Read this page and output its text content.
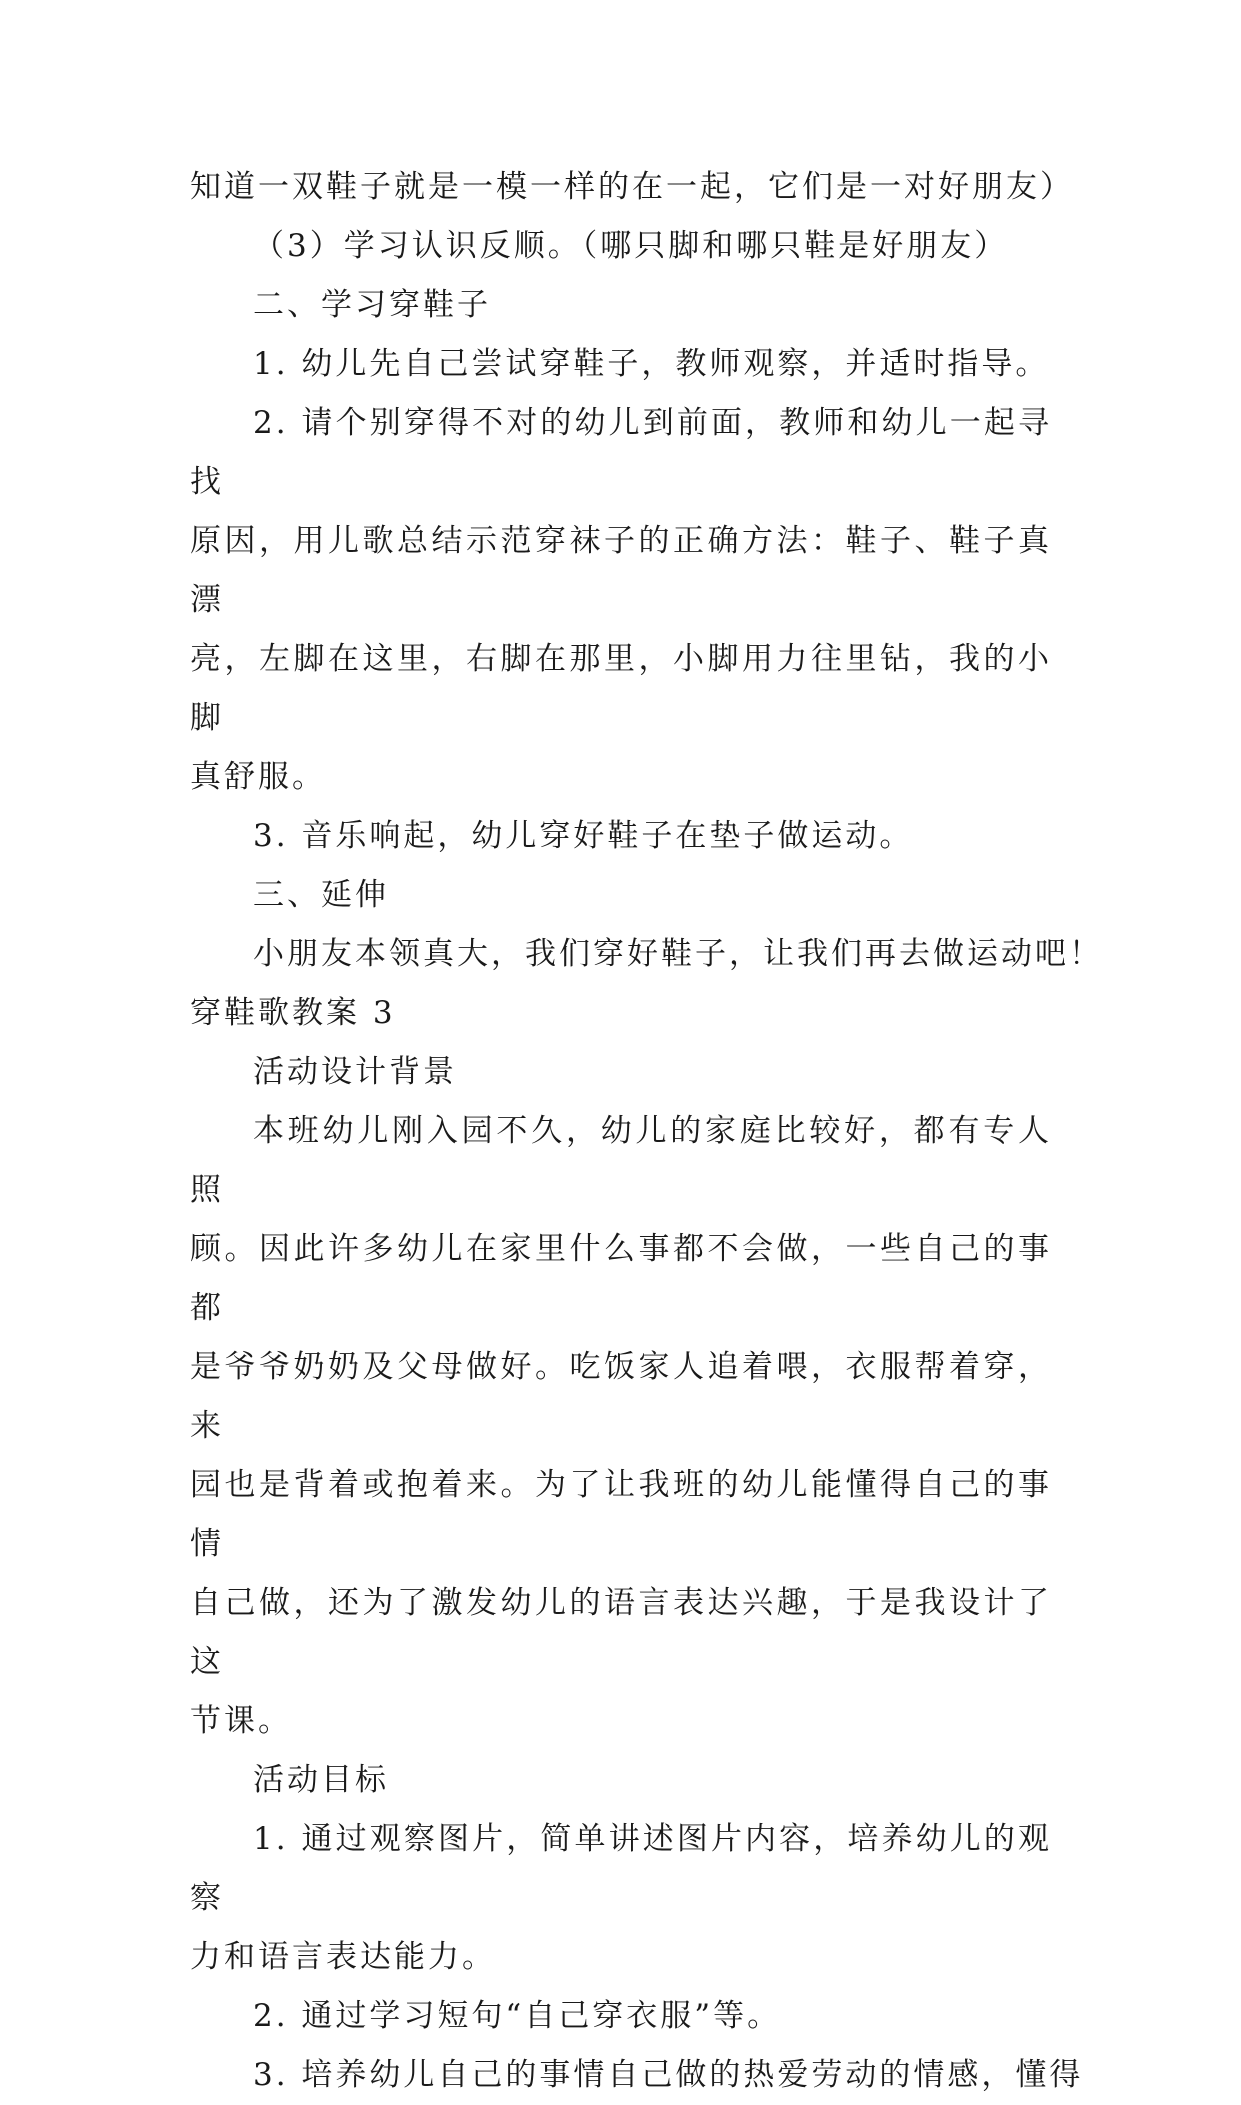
知道一双鞋子就是一模一样的在一起，它们是一对好朋友）

（3）学习认识反顺。（哪只脚和哪只鞋是好朋友）

二、学习穿鞋子

1. 幼儿先自己尝试穿鞋子，教师观察，并适时指导。

2. 请个别穿得不对的幼儿到前面，教师和幼儿一起寻找
原因，用儿歌总结示范穿袜子的正确方法：鞋子、鞋子真漂
亮，左脚在这里，右脚在那里，小脚用力往里钻，我的小脚
真舒服。

3. 音乐响起，幼儿穿好鞋子在垫子做运动。

三、延伸

小朋友本领真大，我们穿好鞋子，让我们再去做运动吧！

穿鞋歌教案 3

活动设计背景

本班幼儿刚入园不久，幼儿的家庭比较好，都有专人照
顾。因此许多幼儿在家里什么事都不会做，一些自己的事都
是爷爷奶奶及父母做好。吃饭家人追着喂，衣服帮着穿，来
园也是背着或抱着来。为了让我班的幼儿能懂得自己的事情
自己做，还为了激发幼儿的语言表达兴趣，于是我设计了这
节课。

活动目标

1. 通过观察图片，简单讲述图片内容，培养幼儿的观察
力和语言表达能力。

2. 通过学习短句“自己穿衣服”等。

3. 培养幼儿自己的事情自己做的热爱劳动的情感，懂得
